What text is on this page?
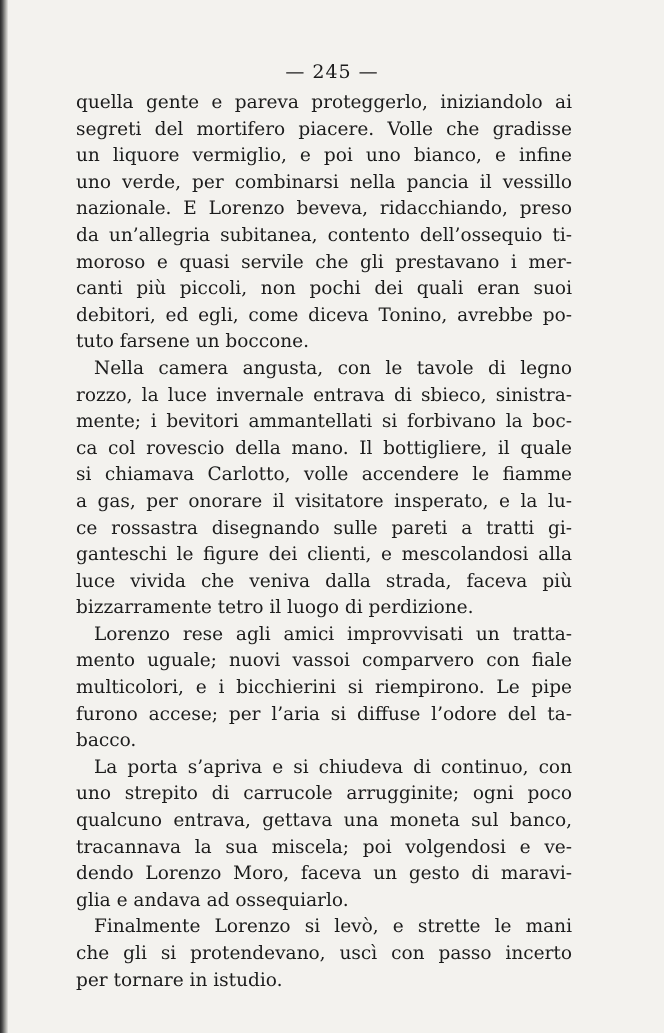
— 245 —
quella gente e pareva proteggerlo, iniziandolo ai
segreti del mortifero piacere. Volle che gradisse
un liquore vermiglio, e poi uno bianco, e infine
uno verde, per combinarsi nella pancia il vessillo
nazionale. E Lorenzo beveva, ridacchiando, preso
da un’allegria subitanea, contento dell’ossequio ti-
moroso e quasi servile che gli prestavano i mer-
canti più piccoli, non pochi dei quali eran suoi
debitori, ed egli, come diceva Tonino, avrebbe po-
tuto farsene un boccone.
Nella camera angusta, con le tavole di legno
rozzo, la luce invernale entrava di sbieco, sinistra-
mente; i bevitori ammantellati si forbivano la boc-
ca col rovescio della mano. Il bottigliere, il quale
si chiamava Carlotto, volle accendere le fiamme
a gas, per onorare il visitatore insperato, e la lu-
ce rossastra disegnando sulle pareti a tratti gi-
ganteschi le figure dei clienti, e mescolandosi alla
luce vivida che veniva dalla strada, faceva più
bizzarramente tetro il luogo di perdizione.
Lorenzo rese agli amici improvvisati un tratta-
mento uguale; nuovi vassoi comparvero con fiale
multicolori, e i bicchierini si riempirono. Le pipe
furono accese; per l’aria si diffuse l’odore del ta-
bacco.
La porta s’apriva e si chiudeva di continuo, con
uno strepito di carrucole arrugginite; ogni poco
qualcuno entrava, gettava una moneta sul banco,
tracannava la sua miscela; poi volgendosi e ve-
dendo Lorenzo Moro, faceva un gesto di maravi-
glia e andava ad ossequiarlo.
Finalmente Lorenzo si levò, e strette le mani
che gli si protendevano, uscì con passo incerto
per tornare in istudio.
